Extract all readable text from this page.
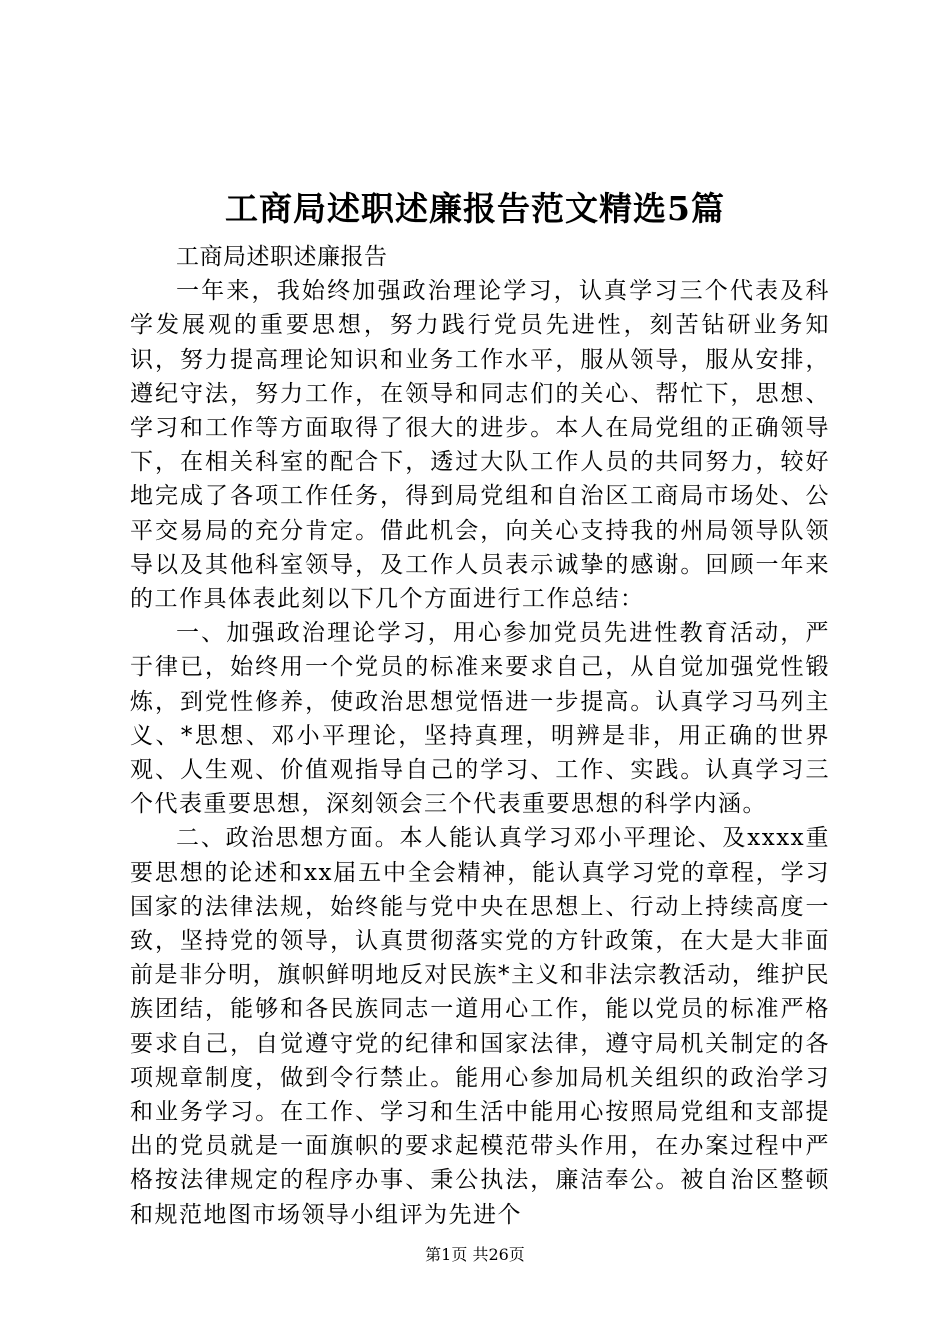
工商局述职述廉报告范文精选5篇

工商局述职述廉报告

一年来，我始终加强政治理论学习，认真学习三个代表及科学发展观的重要思想，努力践行党员先进性，刻苦钻研业务知识，努力提高理论知识和业务工作水平，服从领导，服从安排，遵纪守法，努力工作，在领导和同志们的关心、帮忙下，思想、学习和工作等方面取得了很大的进步。本人在局党组的正确领导下，在相关科室的配合下，透过大队工作人员的共同努力，较好地完成了各项工作任务，得到局党组和自治区工商局市场处、公平交易局的充分肯定。借此机会，向关心支持我的州局领导队领导以及其他科室领导，及工作人员表示诚挚的感谢。回顾一年来的工作具体表此刻以下几个方面进行工作总结：

一、加强政治理论学习，用心参加党员先进性教育活动，严于律已，始终用一个党员的标准来要求自己，从自觉加强党性锻炼，到党性修养，使政治思想觉悟进一步提高。认真学习马列主义、*思想、邓小平理论，坚持真理，明辨是非，用正确的世界观、人生观、价值观指导自己的学习、工作、实践。认真学习三个代表重要思想，深刻领会三个代表重要思想的科学内涵。

二、政治思想方面。本人能认真学习邓小平理论、及xxxx重要思想的论述和xx届五中全会精神，能认真学习党的章程，学习国家的法律法规，始终能与党中央在思想上、行动上持续高度一致，坚持党的领导，认真贯彻落实党的方针政策，在大是大非面前是非分明，旗帜鲜明地反对民族*主义和非法宗教活动，维护民族团结，能够和各民族同志一道用心工作，能以党员的标准严格要求自己，自觉遵守党的纪律和国家法律，遵守局机关制定的各项规章制度，做到令行禁止。能用心参加局机关组织的政治学习和业务学习。在工作、学习和生活中能用心按照局党组和支部提出的党员就是一面旗帜的要求起模范带头作用，在办案过程中严格按法律规定的程序办事、秉公执法，廉洁奉公。被自治区整顿和规范地图市场领导小组评为先进个

第1页 共26页
